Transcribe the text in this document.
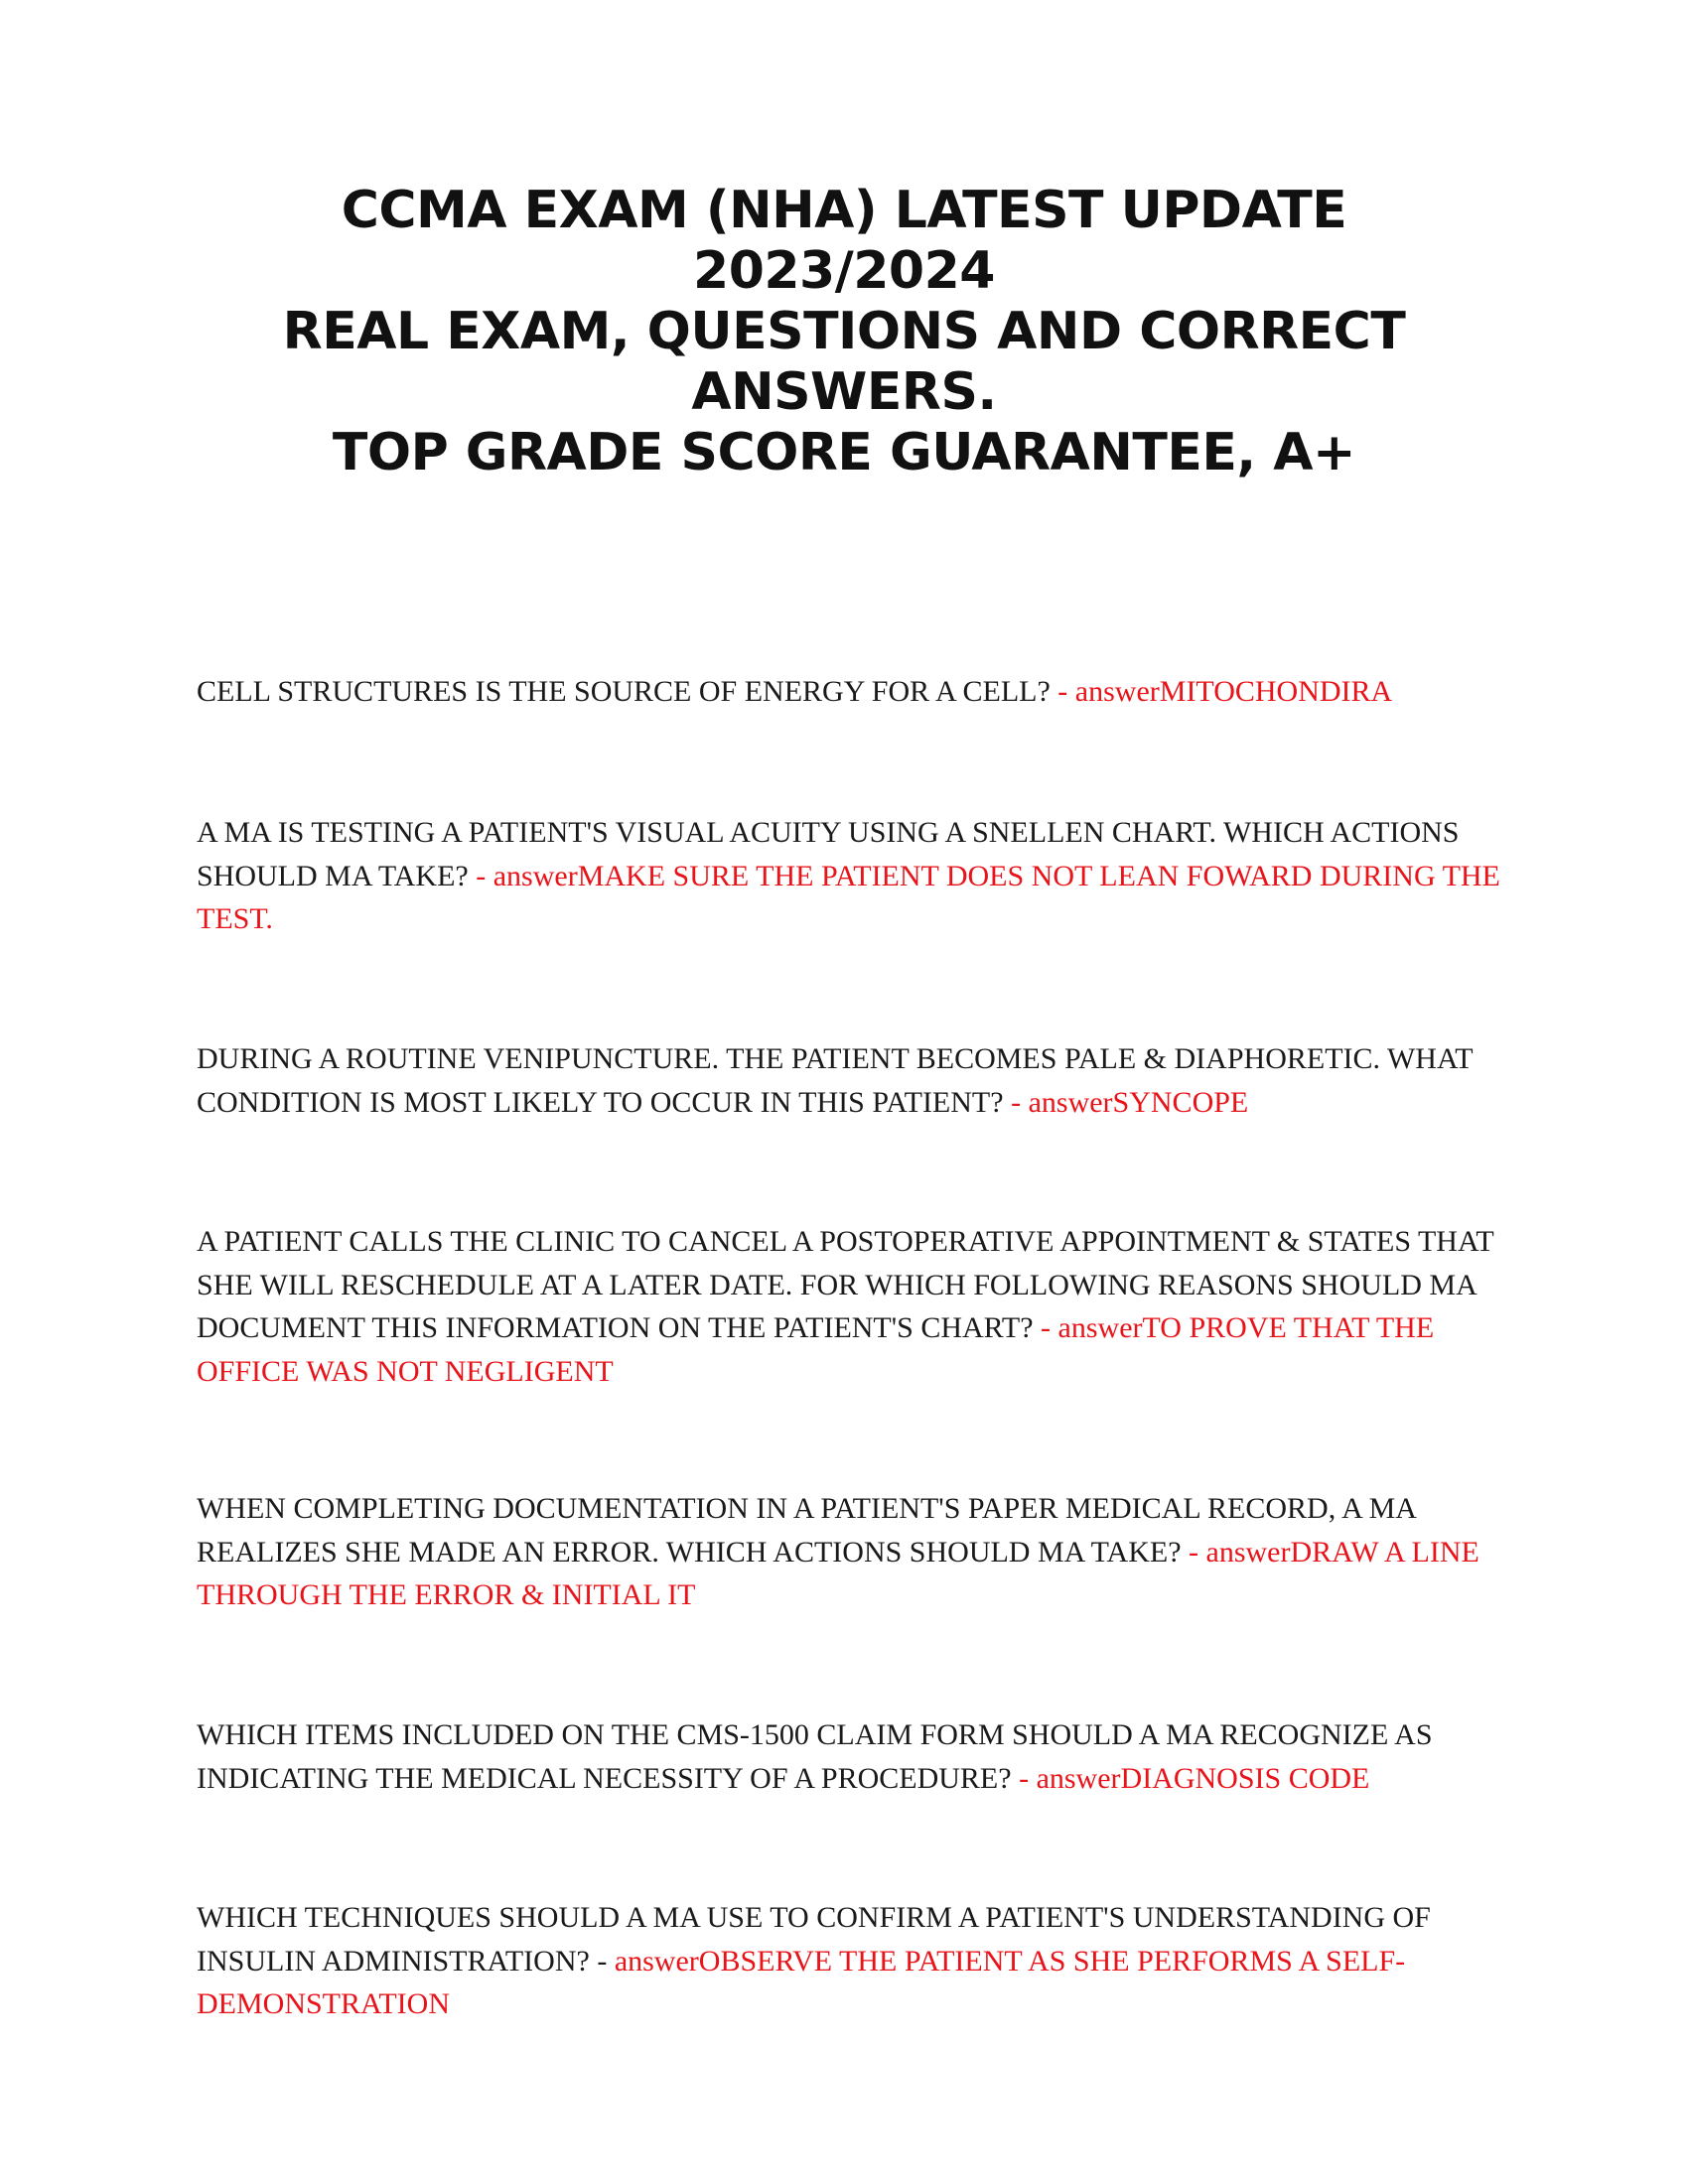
CCMA EXAM (NHA) LATEST UPDATE
2023/2024
REAL EXAM, QUESTIONS AND CORRECT
ANSWERS.
TOP GRADE SCORE GUARANTEE, A+
CELL STRUCTURES IS THE SOURCE OF ENERGY FOR A CELL? - answerMITOCHONDIRA
A MA IS TESTING A PATIENT'S VISUAL ACUITY USING A SNELLEN CHART. WHICH ACTIONS SHOULD MA TAKE? - answerMAKE SURE THE PATIENT DOES NOT LEAN FOWARD DURING THE TEST.
DURING A ROUTINE VENIPUNCTURE. THE PATIENT BECOMES PALE & DIAPHORETIC. WHAT CONDITION IS MOST LIKELY TO OCCUR IN THIS PATIENT? - answerSYNCOPE
A PATIENT CALLS THE CLINIC TO CANCEL A POSTOPERATIVE APPOINTMENT & STATES THAT SHE WILL RESCHEDULE AT A LATER DATE. FOR WHICH FOLLOWING REASONS SHOULD MA DOCUMENT THIS INFORMATION ON THE PATIENT'S CHART? - answerTO PROVE THAT THE OFFICE WAS NOT NEGLIGENT
WHEN COMPLETING DOCUMENTATION IN A PATIENT'S PAPER MEDICAL RECORD, A MA REALIZES SHE MADE AN ERROR. WHICH ACTIONS SHOULD MA TAKE? - answerDRAW A LINE THROUGH THE ERROR & INITIAL IT
WHICH ITEMS INCLUDED ON THE CMS-1500 CLAIM FORM SHOULD A MA RECOGNIZE AS INDICATING THE MEDICAL NECESSITY OF A PROCEDURE? - answerDIAGNOSIS CODE
WHICH TECHNIQUES SHOULD A MA USE TO CONFIRM A PATIENT'S UNDERSTANDING OF INSULIN ADMINISTRATION? - answerOBSERVE THE PATIENT AS SHE PERFORMS A SELF-DEMONSTRATION
